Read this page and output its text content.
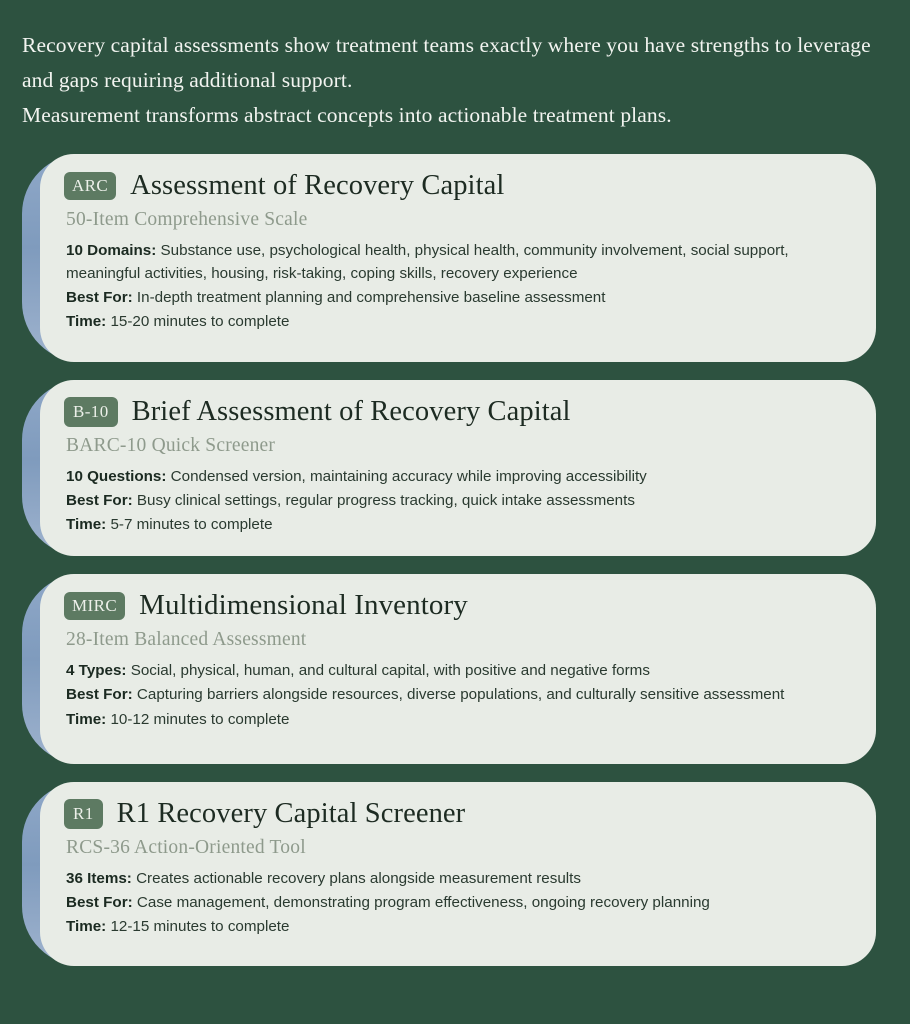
Recovery capital assessments show treatment teams exactly where you have strengths to leverage and gaps requiring additional support.

Measurement transforms abstract concepts into actionable treatment plans.

ARC Assessment of Recovery Capital
50-Item Comprehensive Scale

10 Domains: Substance use, psychological health, physical health, community involvement, social support, meaningful activities, housing, risk-taking, coping skills, recovery experience

Best For: In-depth treatment planning and comprehensive baseline assessment

Time: 15-20 minutes to complete

B-10 Brief Assessment of Recovery Capital
BARC-10 Quick Screener

10 Questions: Condensed version, maintaining accuracy while improving accessibility

Best For: Busy clinical settings, regular progress tracking, quick intake assessments

Time: 5-7 minutes to complete

MIRC Multidimensional Inventory
28-Item Balanced Assessment

4 Types: Social, physical, human, and cultural capital, with positive and negative forms

Best For: Capturing barriers alongside resources, diverse populations, and culturally sensitive assessment

Time: 10-12 minutes to complete

R1 R1 Recovery Capital Screener
RCS-36 Action-Oriented Tool

36 Items: Creates actionable recovery plans alongside measurement results

Best For: Case management, demonstrating program effectiveness, ongoing recovery planning

Time: 12-15 minutes to complete
